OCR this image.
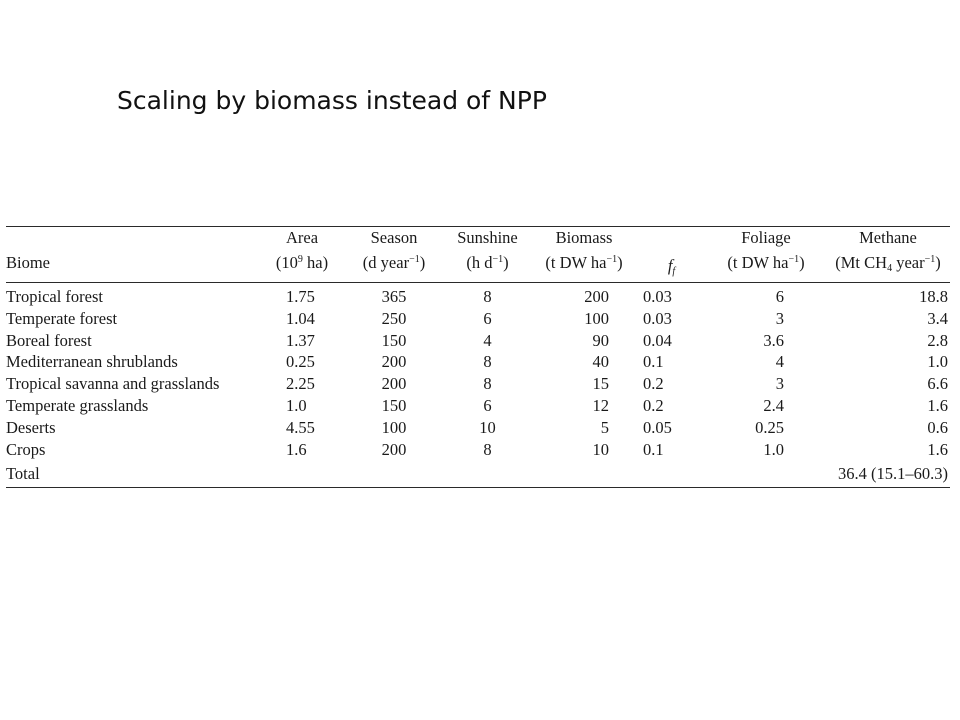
Scaling by biomass instead of NPP
	Area	Season	Sunshine	Biomass		Foliage	Methane
Biome	($10^9$ ha)	(d year$^{-1}$)	(h $d^{-1}$)	(t DW $ha^{-1}$)	$f_f$	(t DW $ha^{-1}$)	(Mt $CH_4$ year$^{-1}$)

Tropical forest	1.75	365	8	200	0.03	6	18.8
Temperate forest	1.04	250	6	100	0.03	3	3.4
Boreal forest	1.37	150	4	90	0.04	3.6	2.8
Mediterranean shrublands	0.25	200	8	40	0.1	4	1.0
Tropical savanna and grasslands	2.25	200	8	15	0.2	3	6.6
Temperate grasslands	1.0	150	6	12	0.2	2.4	1.6
Deserts	4.55	100	10	5	0.05	0.25	0.6
Crops	1.6	200	8	10	0.1	1.0	1.6
Total							36.4 (15.1–60.3)
